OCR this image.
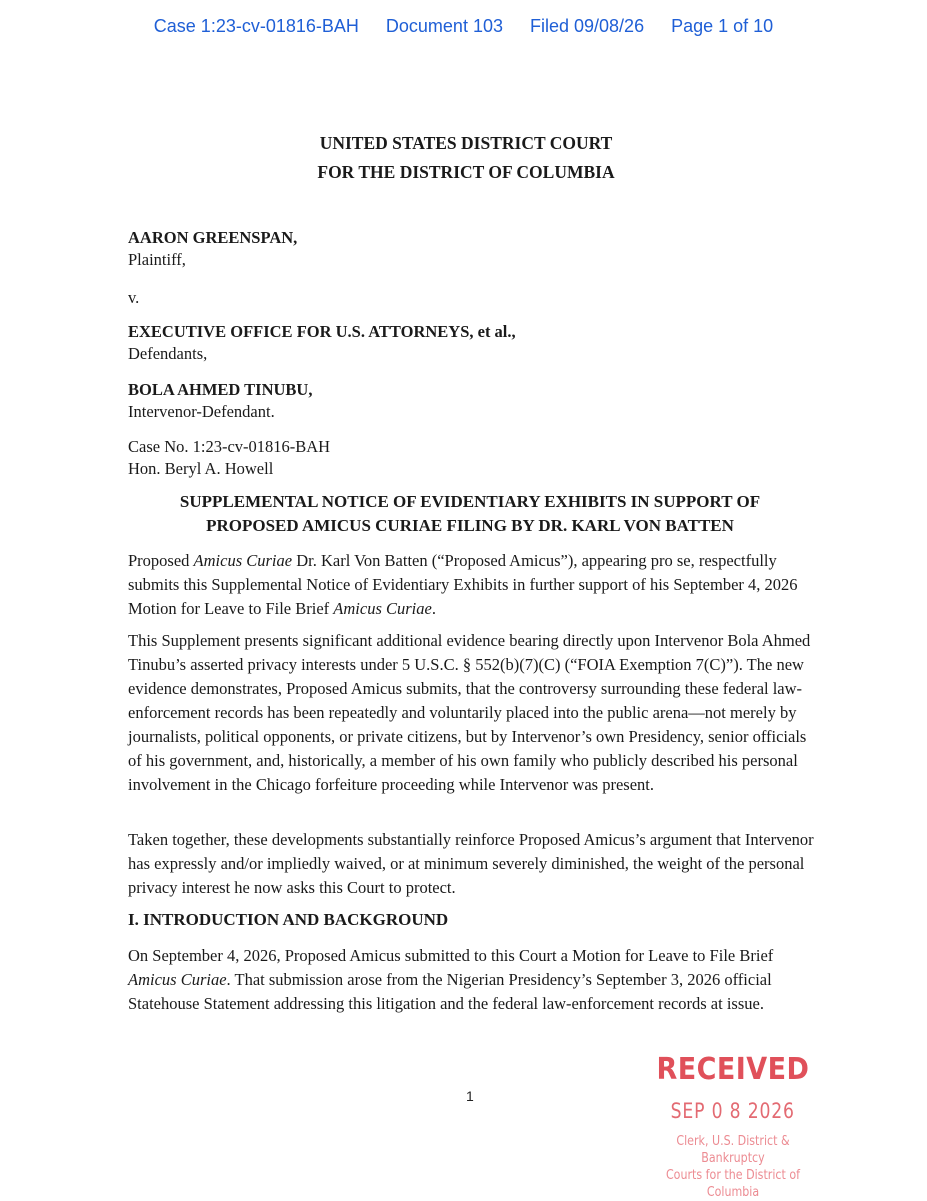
Case 1:23-cv-01816-BAH Document 103 Filed 09/08/26 Page 1 of 10
UNITED STATES DISTRICT COURT
FOR THE DISTRICT OF COLUMBIA
AARON GREENSPAN,
Plaintiff,
v.
EXECUTIVE OFFICE FOR U.S. ATTORNEYS, et al.,
Defendants,
BOLA AHMED TINUBU,
Intervenor-Defendant.
Case No. 1:23-cv-01816-BAH
Hon. Beryl A. Howell
SUPPLEMENTAL NOTICE OF EVIDENTIARY EXHIBITS IN SUPPORT OF
PROPOSED AMICUS CURIAE FILING BY DR. KARL VON BATTEN
Proposed Amicus Curiae Dr. Karl Von Batten (“Proposed Amicus”), appearing pro se, respectfully submits this Supplemental Notice of Evidentiary Exhibits in further support of his September 4, 2026 Motion for Leave to File Brief Amicus Curiae.
This Supplement presents significant additional evidence bearing directly upon Intervenor Bola Ahmed Tinubu’s asserted privacy interests under 5 U.S.C. § 552(b)(7)(C) (“FOIA Exemption 7(C)”). The new evidence demonstrates, Proposed Amicus submits, that the controversy surrounding these federal law-enforcement records has been repeatedly and voluntarily placed into the public arena—not merely by journalists, political opponents, or private citizens, but by Intervenor’s own Presidency, senior officials of his government, and, historically, a member of his own family who publicly described his personal involvement in the Chicago forfeiture proceeding while Intervenor was present.
Taken together, these developments substantially reinforce Proposed Amicus’s argument that Intervenor has expressly and/or impliedly waived, or at minimum severely diminished, the weight of the personal privacy interest he now asks this Court to protect.
I. INTRODUCTION AND BACKGROUND
On September 4, 2026, Proposed Amicus submitted to this Court a Motion for Leave to File Brief Amicus Curiae. That submission arose from the Nigerian Presidency’s September 3, 2026 official Statehouse Statement addressing this litigation and the federal law-enforcement records at issue.
1
RECEIVED
SEP 0 8 2026
Clerk, U.S. District & Bankruptcy
Courts for the District of Columbia
